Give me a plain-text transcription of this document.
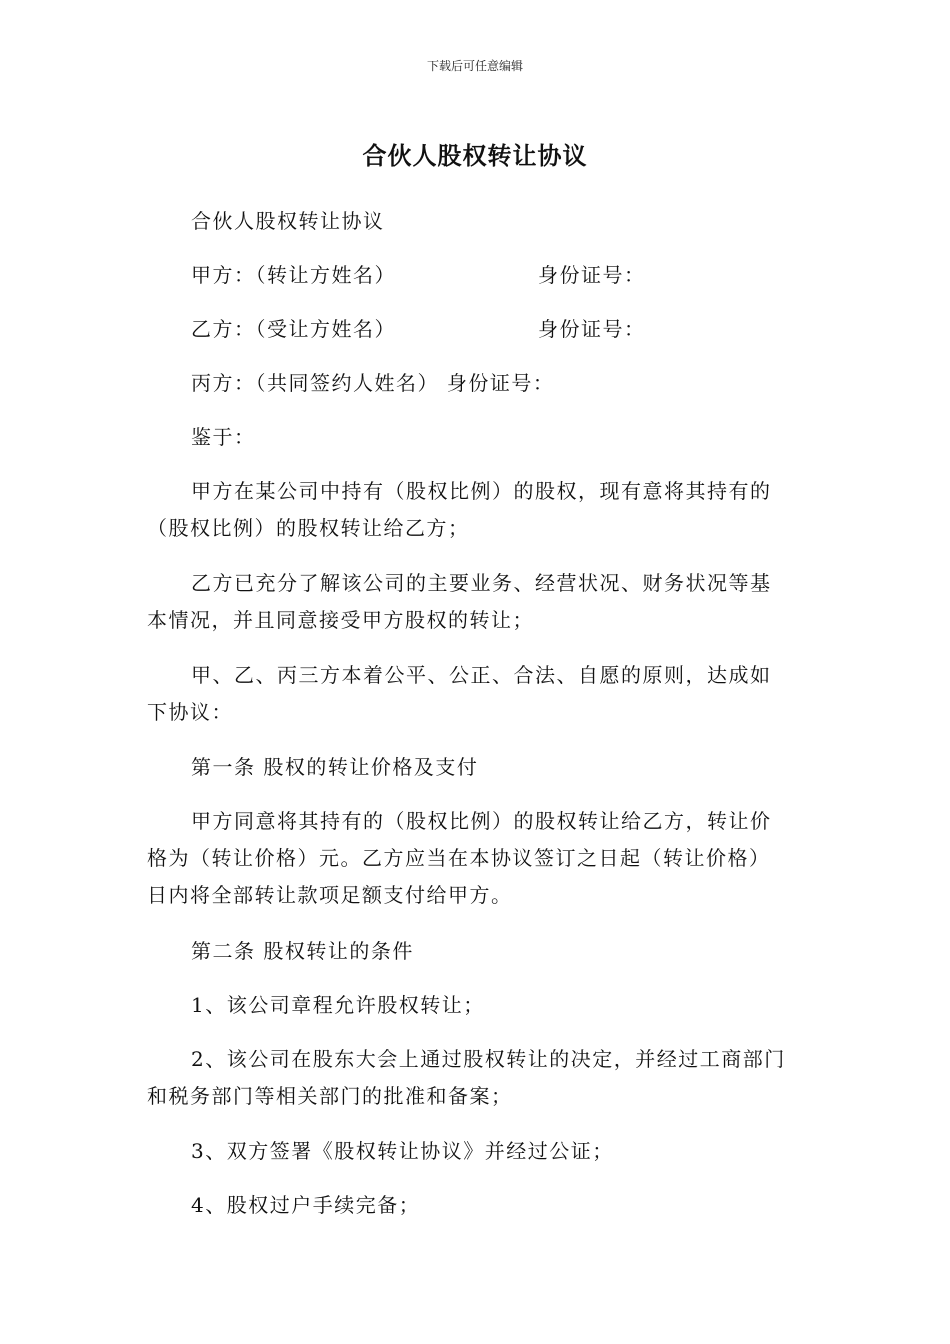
下载后可任意编辑
合伙人股权转让协议

合伙人股权转让协议

甲方：（转让方姓名）	身份证号：

乙方：（受让方姓名）	身份证号：

丙方：（共同签约人姓名） 身份证号：

鉴于：

甲方在某公司中持有（股权比例）的股权，现有意将其持有的

（股权比例）的股权转让给乙方；

乙方已充分了解该公司的主要业务、经营状况、财务状况等基

本情况，并且同意接受甲方股权的转让；

甲、乙、丙三方本着公平、公正、合法、自愿的原则，达成如

下协议：

第一条 股权的转让价格及支付

甲方同意将其持有的（股权比例）的股权转让给乙方，转让价

格为（转让价格）元。乙方应当在本协议签订之日起（转让价格）

日内将全部转让款项足额支付给甲方。

第二条 股权转让的条件

1、该公司章程允许股权转让；

2、该公司在股东大会上通过股权转让的决定，并经过工商部门

和税务部门等相关部门的批准和备案；

3、双方签署《股权转让协议》并经过公证；

4、股权过户手续完备；
